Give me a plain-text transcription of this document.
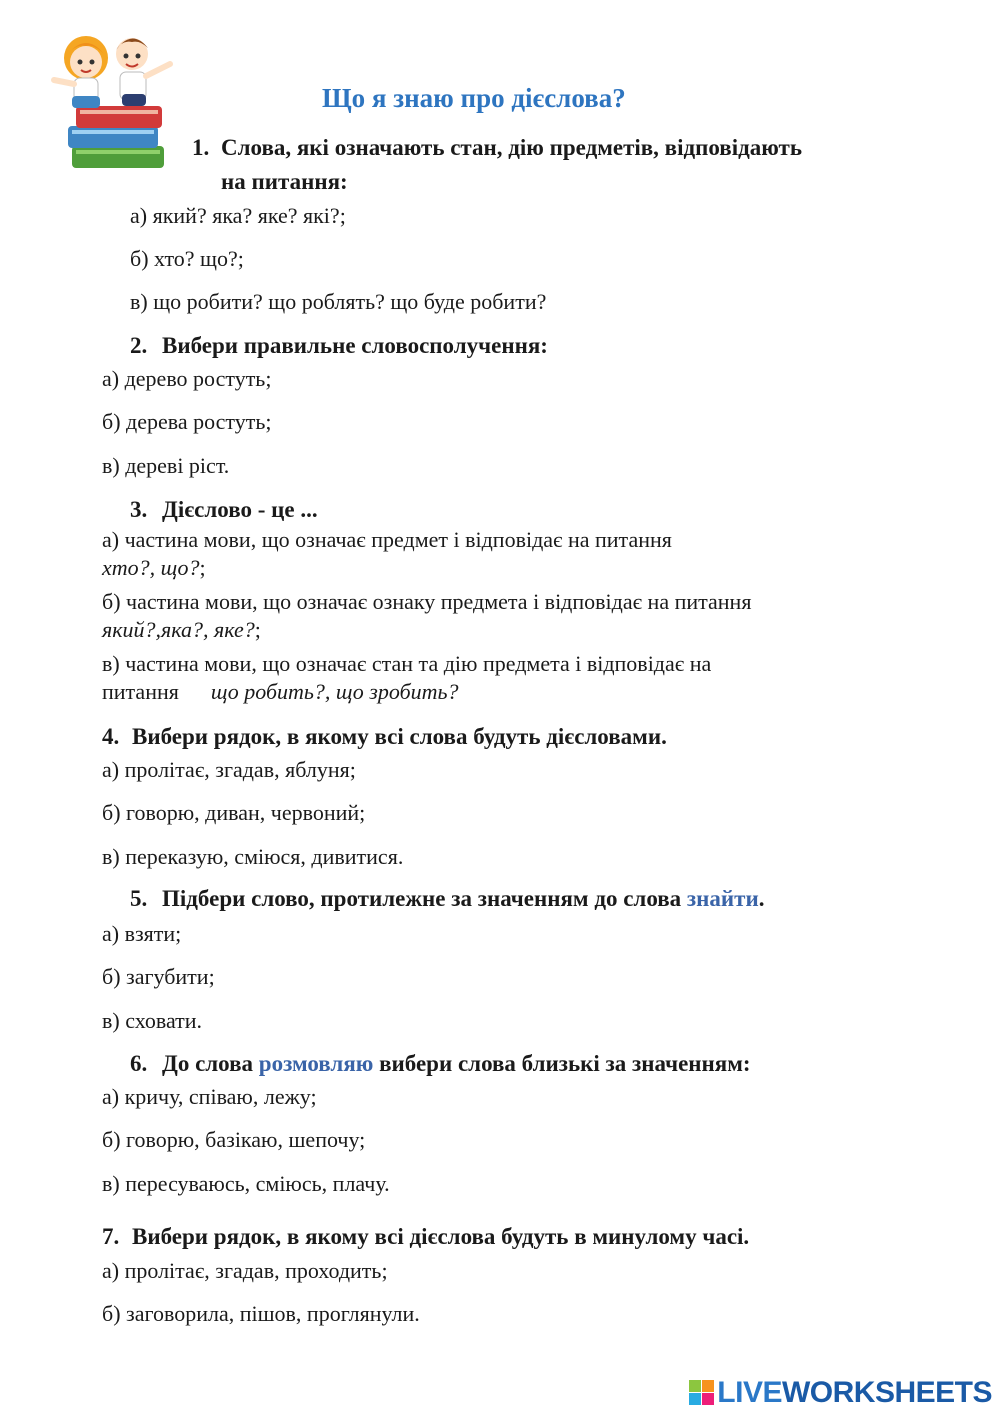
Що я знаю про дієслова?
1. Слова, які означають стан, дію предметів, відповідають
на питання:
а) який? яка? яке? які?;
б) хто? що?;
в) що робити? що роблять? що буде робити?
2. Вибери правильне словосполучення:
а) дерево ростуть;
б) дерева ростуть;
в) дереві ріст.
3. Дієслово - це ...
а) частина мови, що означає предмет і відповідає на питання
хто?, що?;
б) частина мови, що означає ознаку предмета і відповідає на питання
який?,яка?, яке?;
в) частина мови, що означає стан та дію предмета і відповідає на
питання що робить?, що зробить?
4. Вибери рядок, в якому всі слова будуть дієсловами.
а) пролітає, згадав, яблуня;
б) говорю, диван, червоний;
в) переказую, сміюся, дивитися.
5. Підбери слово, протилежне за значенням до слова знайти.
а) взяти;
б) загубити;
в) сховати.
6. До слова розмовляю вибери слова близькі за значенням:
а) кричу, співаю, лежу;
б) говорю, базікаю, шепочу;
в) пересуваюсь, сміюсь, плачу.
7. Вибери рядок, в якому всі дієслова будуть в минулому часі.
а) пролітає, згадав, проходить;
б) заговорила, пішов, проглянули.
LIVE WORKSHEETS
